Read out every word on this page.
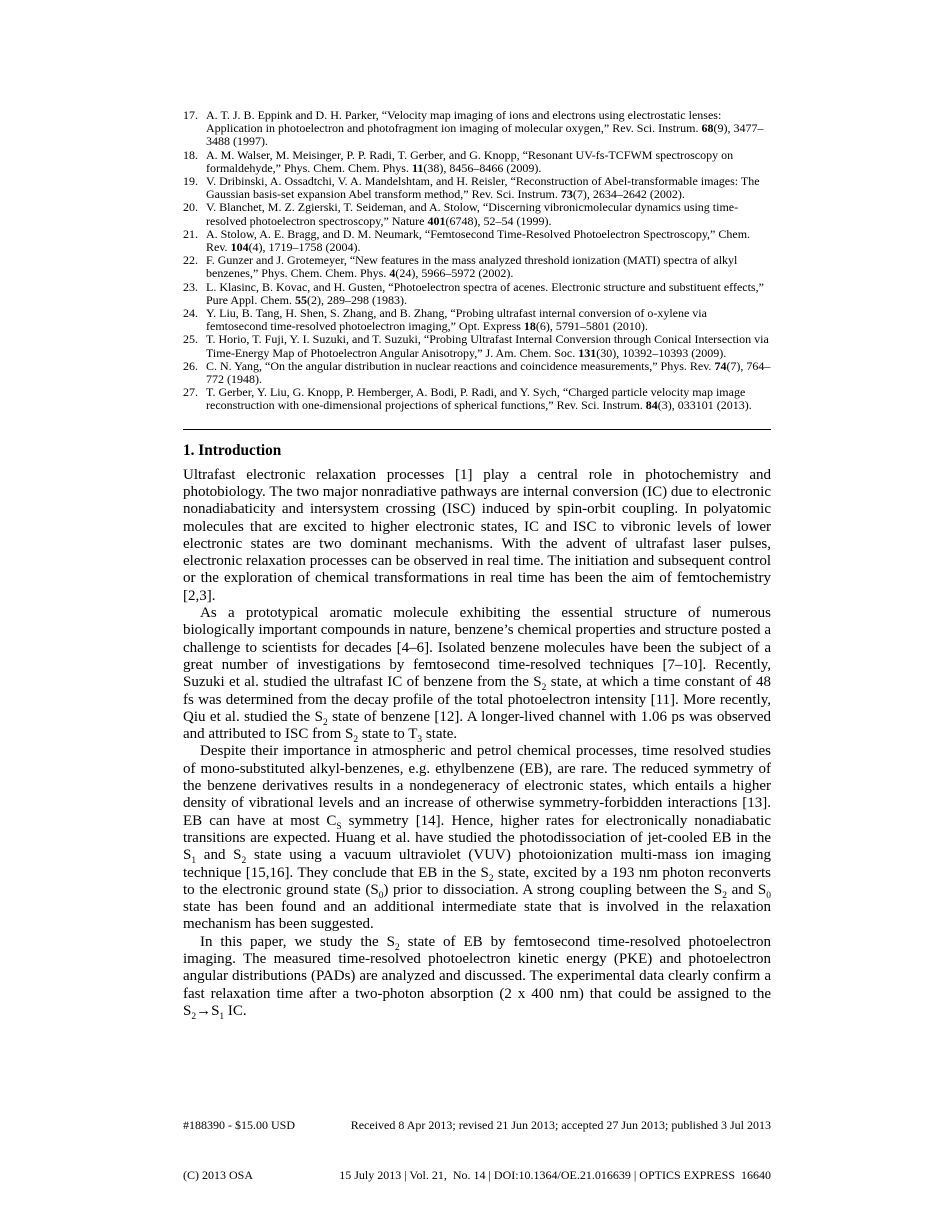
17. A. T. J. B. Eppink and D. H. Parker, “Velocity map imaging of ions and electrons using electrostatic lenses: Application in photoelectron and photofragment ion imaging of molecular oxygen,” Rev. Sci. Instrum. 68(9), 3477–3488 (1997).
18. A. M. Walser, M. Meisinger, P. P. Radi, T. Gerber, and G. Knopp, “Resonant UV-fs-TCFWM spectroscopy on formaldehyde,” Phys. Chem. Chem. Phys. 11(38), 8456–8466 (2009).
19. V. Dribinski, A. Ossadtchi, V. A. Mandelshtam, and H. Reisler, “Reconstruction of Abel-transformable images: The Gaussian basis-set expansion Abel transform method,” Rev. Sci. Instrum. 73(7), 2634–2642 (2002).
20. V. Blanchet, M. Z. Zgierski, T. Seideman, and A. Stolow, “Discerning vibronicmolecular dynamics using time-resolved photoelectron spectroscopy,” Nature 401(6748), 52–54 (1999).
21. A. Stolow, A. E. Bragg, and D. M. Neumark, “Femtosecond Time-Resolved Photoelectron Spectroscopy,” Chem. Rev. 104(4), 1719–1758 (2004).
22. F. Gunzer and J. Grotemeyer, “New features in the mass analyzed threshold ionization (MATI) spectra of alkyl benzenes,” Phys. Chem. Chem. Phys. 4(24), 5966–5972 (2002).
23. L. Klasinc, B. Kovac, and H. Gusten, “Photoelectron spectra of acenes. Electronic structure and substituent effects,” Pure Appl. Chem. 55(2), 289–298 (1983).
24. Y. Liu, B. Tang, H. Shen, S. Zhang, and B. Zhang, “Probing ultrafast internal conversion of o-xylene via femtosecond time-resolved photoelectron imaging,” Opt. Express 18(6), 5791–5801 (2010).
25. T. Horio, T. Fuji, Y. I. Suzuki, and T. Suzuki, “Probing Ultrafast Internal Conversion through Conical Intersection via Time-Energy Map of Photoelectron Angular Anisotropy,” J. Am. Chem. Soc. 131(30), 10392–10393 (2009).
26. C. N. Yang, “On the angular distribution in nuclear reactions and coincidence measurements,” Phys. Rev. 74(7), 764–772 (1948).
27. T. Gerber, Y. Liu, G. Knopp, P. Hemberger, A. Bodi, P. Radi, and Y. Sych, “Charged particle velocity map image reconstruction with one-dimensional projections of spherical functions,” Rev. Sci. Instrum. 84(3), 033101 (2013).
1. Introduction

Ultrafast electronic relaxation processes [1] play a central role in photochemistry and photobiology. The two major nonradiative pathways are internal conversion (IC) due to electronic nonadiabaticity and intersystem crossing (ISC) induced by spin-orbit coupling. In polyatomic molecules that are excited to higher electronic states, IC and ISC to vibronic levels of lower electronic states are two dominant mechanisms. With the advent of ultrafast laser pulses, electronic relaxation processes can be observed in real time. The initiation and subsequent control or the exploration of chemical transformations in real time has been the aim of femtochemistry [2,3].

As a prototypical aromatic molecule exhibiting the essential structure of numerous biologically important compounds in nature, benzene’s chemical properties and structure posted a challenge to scientists for decades [4–6]. Isolated benzene molecules have been the subject of a great number of investigations by femtosecond time-resolved techniques [7–10]. Recently, Suzuki et al. studied the ultrafast IC of benzene from the $S_2$ state, at which a time constant of 48 fs was determined from the decay profile of the total photoelectron intensity [11]. More recently, Qiu et al. studied the $S_2$ state of benzene [12]. A longer-lived channel with 1.06 ps was observed and attributed to ISC from $S_2$ state to $T_3$ state.

Despite their importance in atmospheric and petrol chemical processes, time resolved studies of mono-substituted alkyl-benzenes, e.g. ethylbenzene (EB), are rare. The reduced symmetry of the benzene derivatives results in a nondegeneracy of electronic states, which entails a higher density of vibrational levels and an increase of otherwise symmetry-forbidden interactions [13]. EB can have at most $C_S$ symmetry [14]. Hence, higher rates for electronically nonadiabatic transitions are expected. Huang et al. have studied the photodissociation of jet-cooled EB in the $S_1$ and $S_2$ state using a vacuum ultraviolet (VUV) photoionization multi-mass ion imaging technique [15,16]. They conclude that EB in the $S_2$ state, excited by a 193 nm photon reconverts to the electronic ground state $(S_0)$ prior to dissociation. A strong coupling between the $S_2$ and $S_0$ state has been found and an additional intermediate state that is involved in the relaxation mechanism has been suggested.

In this paper, we study the $S_2$ state of EB by femtosecond time-resolved photoelectron imaging. The measured time-resolved photoelectron kinetic energy (PKE) and photoelectron angular distributions (PADs) are analyzed and discussed. The experimental data clearly confirm a fast relaxation time after a two-photon absorption (2 x 400 nm) that could be assigned to the $S_2\to S_1$ IC.

#188390 - $15.00 USD

(C) 2013 OSA

Received 8 Apr 2013; revised 21 Jun 2013; accepted 27 Jun 2013; published 3 Jul 2013

15 July 2013 | Vol. 21,  No. 14 | DOI:10.1364/OE.21.016639 | OPTICS EXPRESS  16640
